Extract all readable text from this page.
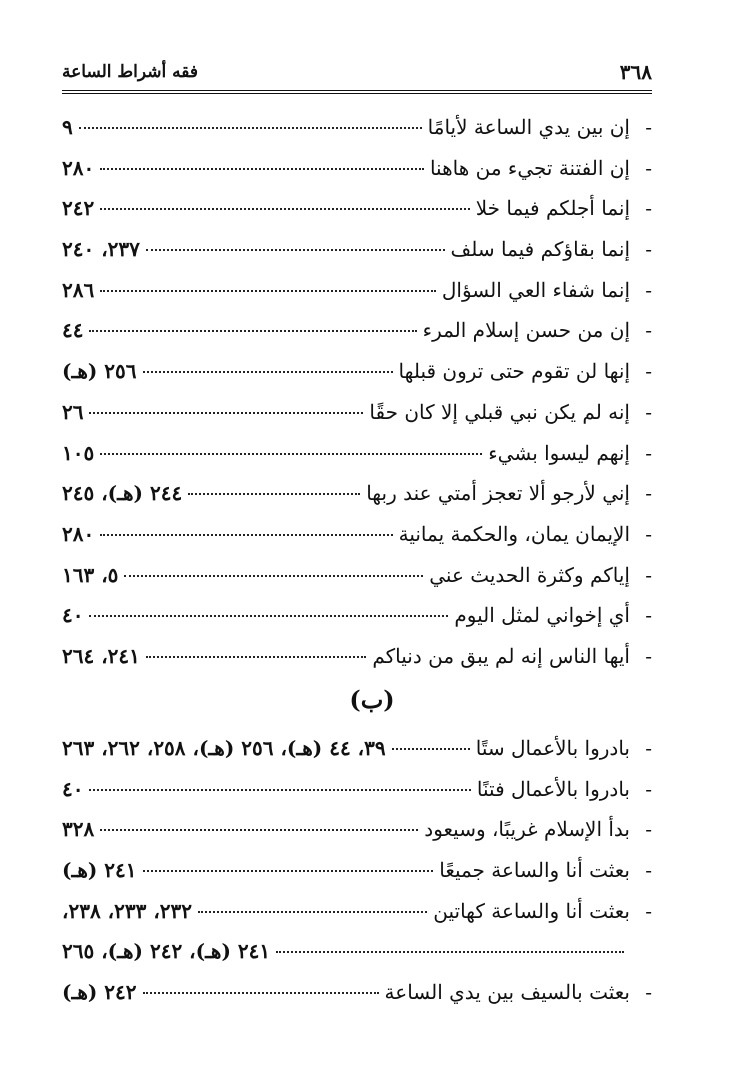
٣٦٨
فقه أشراط الساعة
-
إن بين يدي الساعة لأيامًا
٩
-
إن الفتنة تجيء من هاهنا
٢٨٠
-
إنما أجلكم فيما خلا
٢٤٢
-
إنما بقاؤكم فيما سلف
٢٣٧، ٢٤٠
-
إنما شفاء العي السؤال
٢٨٦
-
إن من حسن إسلام المرء
٤٤
-
إنها لن تقوم حتى ترون قبلها
٢٥٦ (هـ)
-
إنه لم يكن نبي قبلي إلا كان حقًا
٢٦
-
إنهم ليسوا بشيء
١٠٥
-
إني لأرجو ألا تعجز أمتي عند ربها
٢٤٤ (هـ)، ٢٤٥
-
الإيمان يمان، والحكمة يمانية
٢٨٠
-
إياكم وكثرة الحديث عني
٥، ١٦٣
-
أي إخواني لمثل اليوم
٤٠
-
أيها الناس إنه لم يبق من دنياكم
٢٤١، ٢٦٤
(ب)
-
بادروا بالأعمال ستًا
٣٩، ٤٤ (هـ)، ٢٥٦ (هـ)، ٢٥٨، ٢٦٢، ٢٦٣
-
بادروا بالأعمال فتنًا
٤٠
-
بدأ الإسلام غريبًا، وسيعود
٣٢٨
-
بعثت أنا والساعة جميعًا
٢٤١ (هـ)
-
بعثت أنا والساعة كهاتين
٢٣٢، ٢٣٣، ٢٣٨،
٢٤١ (هـ)، ٢٤٢ (هـ)، ٢٦٥
-
بعثت بالسيف بين يدي الساعة
٢٤٢ (هـ)
